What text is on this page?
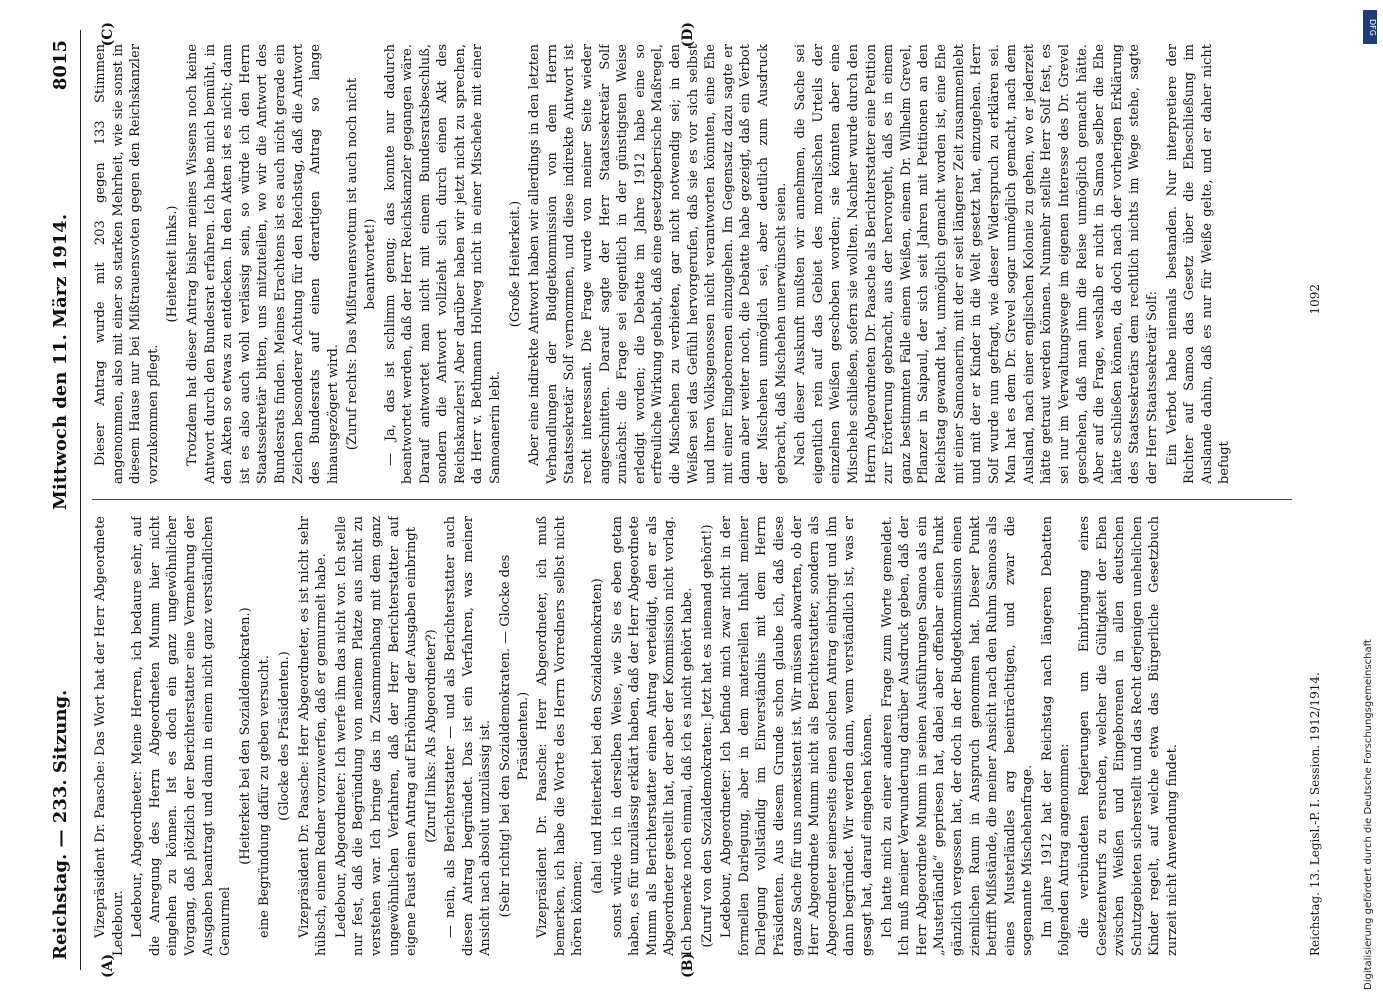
Reichstag. — 233. Sitzung.
Mittwoch den 11. März 1914.
8015
(A)	(B)
(C)	(D)

Vizepräsident Dr. Paasche: Das Wort hat der Herr Abgeordnete Ledebour. Ledebour, Abgeordneter: Meine Herren, ich bedaure sehr, auf die Anregung des Herrn Abgeordneten Mumm hier nicht eingehen zu können. Ist es doch ein ganz ungewöhnlicher Vorgang, daß plötzlich der Berichterstatter eine Vermehrung der Ausgaben beantragt und dann in einem nicht ganz verständlichen Gemurmel

(Heiterkeit bei den Sozialdemokraten.) eine Begründung dafür zu geben versucht. (Glocke des Präsidenten.) Vizepräsident Dr. Paasche: Herr Abgeordneter, es ist nicht sehr hübsch, einem Redner vorzuwerfen, daß er gemurmelt habe. Ledebour, Abgeordneter: Ich werfe ihm das nicht vor. Ich stelle nur fest, daß die Begründung von meinem Platze aus nicht zu verstehen war. Ich bringe das in Zusammenhang mit dem ganz ungewöhnlichen Verfahren, daß der Herr Berichterstatter auf eigene Faust einen Antrag auf Erhöhung der Ausgaben einbringt (Zuruf links: Als Abgeordneter?) — nein, als Berichterstatter — und als Berichterstatter auch diesen Antrag begründet. Das ist ein Verfahren, was meiner Ansicht nach absolut unzulässig ist. (Sehr richtig! bei den Sozialdemokraten. — Glocke des Präsidenten.) Vizepräsident Dr. Paasche: Herr Abgeordneter, ich muß bemerken, ich habe die Worte des Herrn Vorredners selbst nicht hören können;

(aha! und Heiterkeit bei den Sozialdemokraten) sonst würde ich in derselben Weise, wie Sie es eben getan haben, es für unzulässig erklärt haben, daß der Herr Abgeordnete Mumm als Berichterstatter einen Antrag verteidigt, den er als Abgeordneter gestellt hat, der aber der Kommission nicht vorlag. Ich bemerke noch einmal, daß ich es nicht gehört habe. (Zuruf von den Sozialdemokraten: Jetzt hat es niemand gehört!) Ledebour, Abgeordneter: Ich befinde mich zwar nicht in der formellen Darlegung, aber in dem materiellen Inhalt meiner Darlegung vollständig im Einverständnis mit dem Herrn Präsidenten. Aus diesem Grunde schon glaube ich, daß diese ganze Sache für uns nonexistent ist. Wir müssen abwarten, ob der Herr Abgeordnete Mumm nicht als Berichterstatter, sondern als Abgeordneter seinerseits einen solchen Antrag einbringt und ihn dann begründet. Wir werden dann, wenn verständlich ist, was er gesagt hat, darauf eingehen können. Ich hatte mich zu einer anderen Frage zum Worte gemeldet. Ich muß meiner Verwunderung darüber Ausdruck geben, daß der Herr Abgeordnete Mumm in seinen Ausführungen Samoa als ein „Musterländle“ gepriesen hat, dabei aber offenbar einen Punkt gänzlich vergessen hat, der doch in der Budgetkommission einen ziemlichen Raum in Anspruch genommen hat. Dieser Punkt betrifft Mißstände, die meiner Ansicht nach den Ruhm Samoas als eines Musterländles arg beeinträchtigen, und zwar die sogenannte Mischehenfrage. Im Jahre 1912 hat der Reichstag nach längeren Debatten folgenden Antrag angenommen: die verbündeten Regierungen um Einbringung eines Gesetzentwurfs zu ersuchen, welcher die Gültigkeit der Ehen zwischen Weißen und Eingeborenen in allen deutschen Schutzgebieten sicherstellt und das Recht derjenigen unehelichen Kinder regelt, auf welche etwa das Bürgerliche Gesetzbuch zurzeit nicht Anwendung findet.

Dieser Antrag wurde mit 203 gegen 133 Stimmen angenommen, also mit einer so starken Mehrheit, wie sie sonst in diesem Hause nur bei Mißtrauensvoten gegen den Reichskanzler vorzukommen pflegt.

(Heiterkeit links.) Trotzdem hat dieser Antrag bisher meines Wissens noch keine Antwort durch den Bundesrat erfahren. Ich habe mich bemüht, in den Akten so etwas zu entdecken. In den Akten ist es nicht; dann ist es also auch wohl verlässig sein, so würde ich den Herrn Staatssekretär bitten, uns mitzuteilen, wo wir die Antwort des Bundesrats finden. Meines Erachtens ist es auch nicht gerade ein Zeichen besonderer Achtung für den Reichstag, daß die Antwort des Bundesrats auf einen derartigen Antrag so lange hinausgezögert wird. (Zuruf rechts: Das Mißtrauensvotum ist auch noch nicht beantwortet!) — Ja, das ist schlimm genug; das konnte nur dadurch beantwortet werden, daß der Herr Reichskanzler gegangen wäre. Darauf antwortet man nicht mit einem Bundesratsbeschluß, sondern die Antwort vollzieht sich durch einen Akt des Reichskanzlers! Aber darüber haben wir jetzt nicht zu sprechen, da Herr v. Bethmann Hollweg nicht in einer Mischehe mit einer Samoanerin lebt.

(Große Heiterkeit.) Aber eine indirekte Antwort haben wir allerdings in den letzten Verhandlungen der Budgetkommission von dem Herrn Staatssekretär Solf vernommen, und diese indirekte Antwort ist recht interessant. Die Frage wurde von meiner Seite wieder angeschnitten. Darauf sagte der Herr Staatssekretär Solf zunächst: die Frage sei eigentlich in der günstigsten Weise erledigt worden; die Debatte im Jahre 1912 habe eine so erfreuliche Wirkung gehabt, daß eine gesetzgeberische Maßregel, die Mischehen zu verbieten, gar nicht notwendig sei; in den Weißen sei das Gefühl hervorgerufen, daß sie es vor sich selbst und ihren Volksgenossen nicht verantworten könnten, eine Ehe mit einer Eingeborenen einzugehen. Im Gegensatz dazu sagte er dann aber weiter noch, die Debatte habe gezeigt, daß ein Verbot der Mischehen unmöglich sei, aber deutlich zum Ausdruck gebracht, daß Mischehen unerwünscht seien. Nach dieser Auskunft mußten wir annehmen, die Sache sei eigentlich rein auf das Gebiet des moralischen Urteils der einzelnen Weißen geschoben worden; sie könnten aber eine Mischehe schließen, sofern sie wollten. Nachher wurde durch den Herrn Abgeordneten Dr. Paasche als Berichterstatter eine Petition zur Erörterung gebracht, aus der hervorgeht, daß es in einem ganz bestimmten Falle einem Weißen, einem Dr. Wilhelm Grevel, Pflanzer in Saipaul, der sich seit Jahren mit Petitionen an den Reichstag gewandt hat, unmöglich gemacht worden ist, eine Ehe mit einer Samoanerin, mit der er seit längerer Zeit zusammenlebt und mit der er Kinder in die Welt gesetzt hat, einzugehen. Herr Solf wurde nun gefragt, wie dieser Widerspruch zu erklären sei. Man hat es dem Dr. Grevel sogar unmöglich gemacht, nach dem Ausland, nach einer englischen Kolonie zu gehen, wo er jederzeit hätte getraut werden können. Nunmehr stellte Herr Solf fest, es sei nur im Verwaltungswege im eigenen Interesse des Dr. Grevel geschehen, daß man ihm die Reise unmöglich gemacht hätte. Aber auf die Frage, weshalb er nicht in Samoa selber die Ehe hätte schließen können, da doch nach der vorherigen Erklärung des Staatssekretärs dem rechtlich nichts im Wege stehe, sagte der Herr Staatssekretär Solf: Ein Verbot habe niemals bestanden. Nur interpretiere der Richter auf Samoa das Gesetz über die Eheschließung im Auslande dahin, daß es nur für Weiße gelte, und er daher nicht befugt

Reichstag. 13. Legisl.-P. I. Session. 1912/1914.
1092
DFG
Digitalisierung gefördert durch die Deutsche Forschungsgemeinschaft
